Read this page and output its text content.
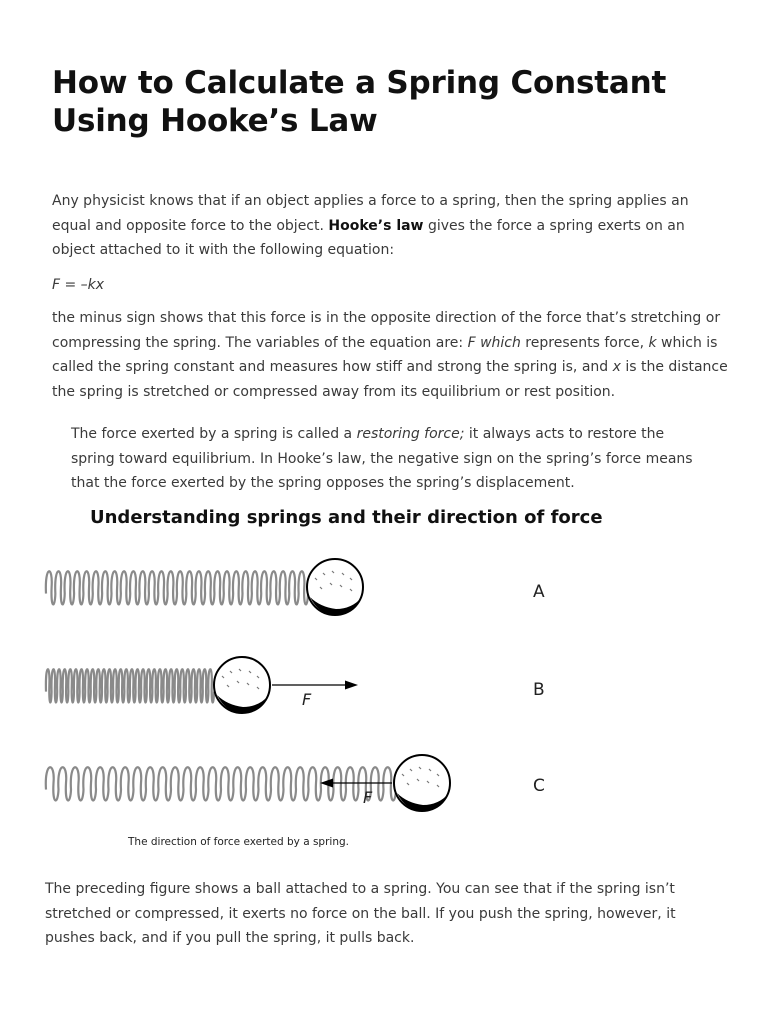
How to Calculate a Spring Constant Using Hooke’s Law

Any physicist knows that if an object applies a force to a spring, then the spring applies an equal and opposite force to the object. Hooke’s law gives the force a spring exerts on an object attached to it with the following equation:

F = –kx

the minus sign shows that this force is in the opposite direction of the force that’s stretching or compressing the spring. The variables of the equation are: F which represents force, k which is called the spring constant and measures how stiff and strong the spring is, and x is the distance the spring is stretched or compressed away from its equilibrium or rest position.

The force exerted by a spring is called a restoring force; it always acts to restore the spring toward equilibrium. In Hooke’s law, the negative sign on the spring’s force means that the force exerted by the spring opposes the spring’s displacement.

Understanding springs and their direction of force
A
F	B
F
C

The direction of force exerted by a spring.

The preceding figure shows a ball attached to a spring. You can see that if the spring isn’t stretched or compressed, it exerts no force on the ball. If you push the spring, however, it pushes back, and if you pull the spring, it pulls back.
